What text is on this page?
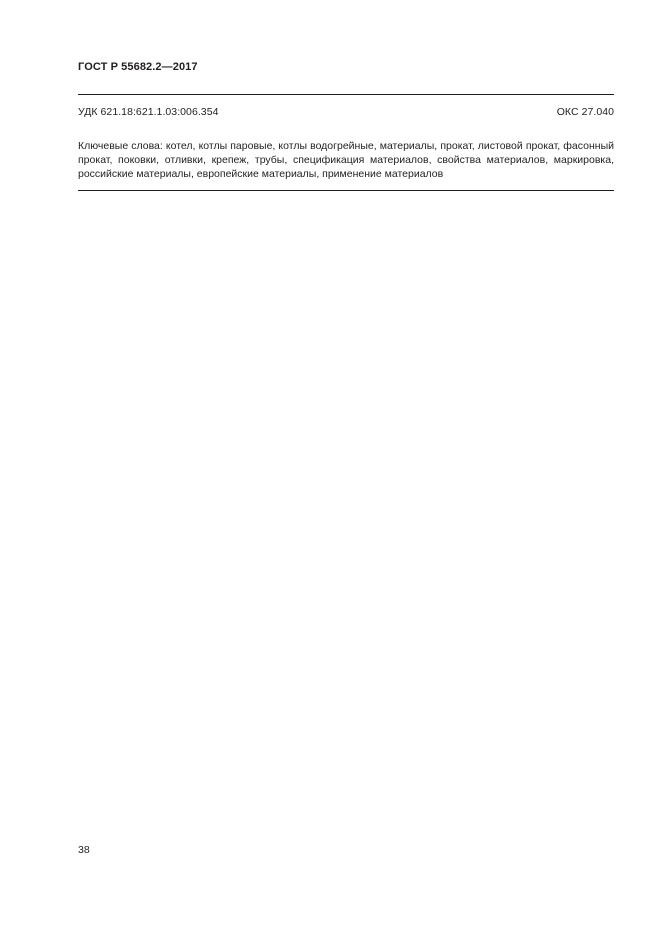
ГОСТ Р 55682.2—2017
УДК 621.18:621.1.03:006.354	ОКС 27.040

Ключевые слова: котел, котлы паровые, котлы водогрейные, материалы, прокат, листовой прокат, фасонный прокат, поковки, отливки, крепеж, трубы, спецификация материалов, свойства материалов, маркировка, российские материалы, европейские материалы, применение материалов

38
